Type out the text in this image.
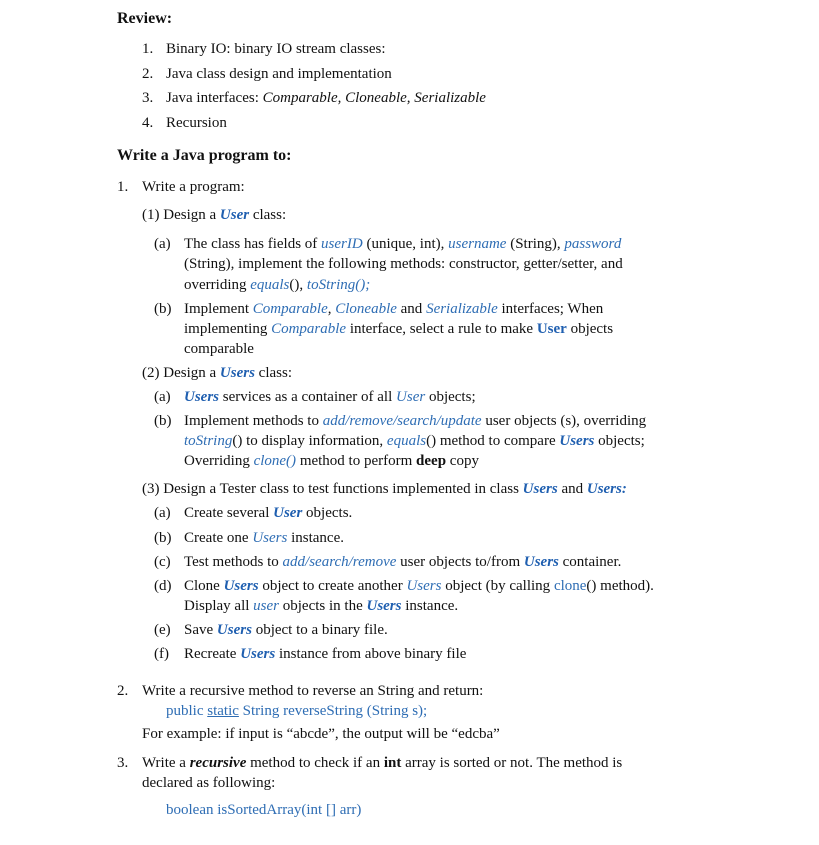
Review:
1. Binary IO: binary IO stream classes:
2. Java class design and implementation
3. Java interfaces: Comparable, Cloneable, Serializable
4. Recursion
Write a Java program to:
1. Write a program:
(1) Design a User class:
(a) The class has fields of userID (unique, int), username (String), password
(String), implement the following methods: constructor, getter/setter, and
overriding equals(), toString();
(b) Implement Comparable, Cloneable and Serializable interfaces; When
implementing Comparable interface, select a rule to make User objects
comparable
(2) Design a Users class:
(a) Users services as a container of all User objects;
(b) Implement methods to add/remove/search/update user objects (s), overriding
toString() to display information, equals() method to compare Users objects;
Overriding clone() method to perform deep copy
(3) Design a Tester class to test functions implemented in class Users and Users:
(a) Create several User objects.
(b) Create one Users instance.
(c) Test methods to add/search/remove user objects to/from Users container.
(d) Clone Users object to create another Users object (by calling clone() method).
Display all user objects in the Users instance.
(e) Save Users object to a binary file.
(f) Recreate Users instance from above binary file
2. Write a recursive method to reverse an String and return:
public static String reverseString (String s);
For example: if input is “abcde”, the output will be “edcba”
3. Write a recursive method to check if an int array is sorted or not. The method is
declared as following:
boolean isSortedArray(int [] arr)
